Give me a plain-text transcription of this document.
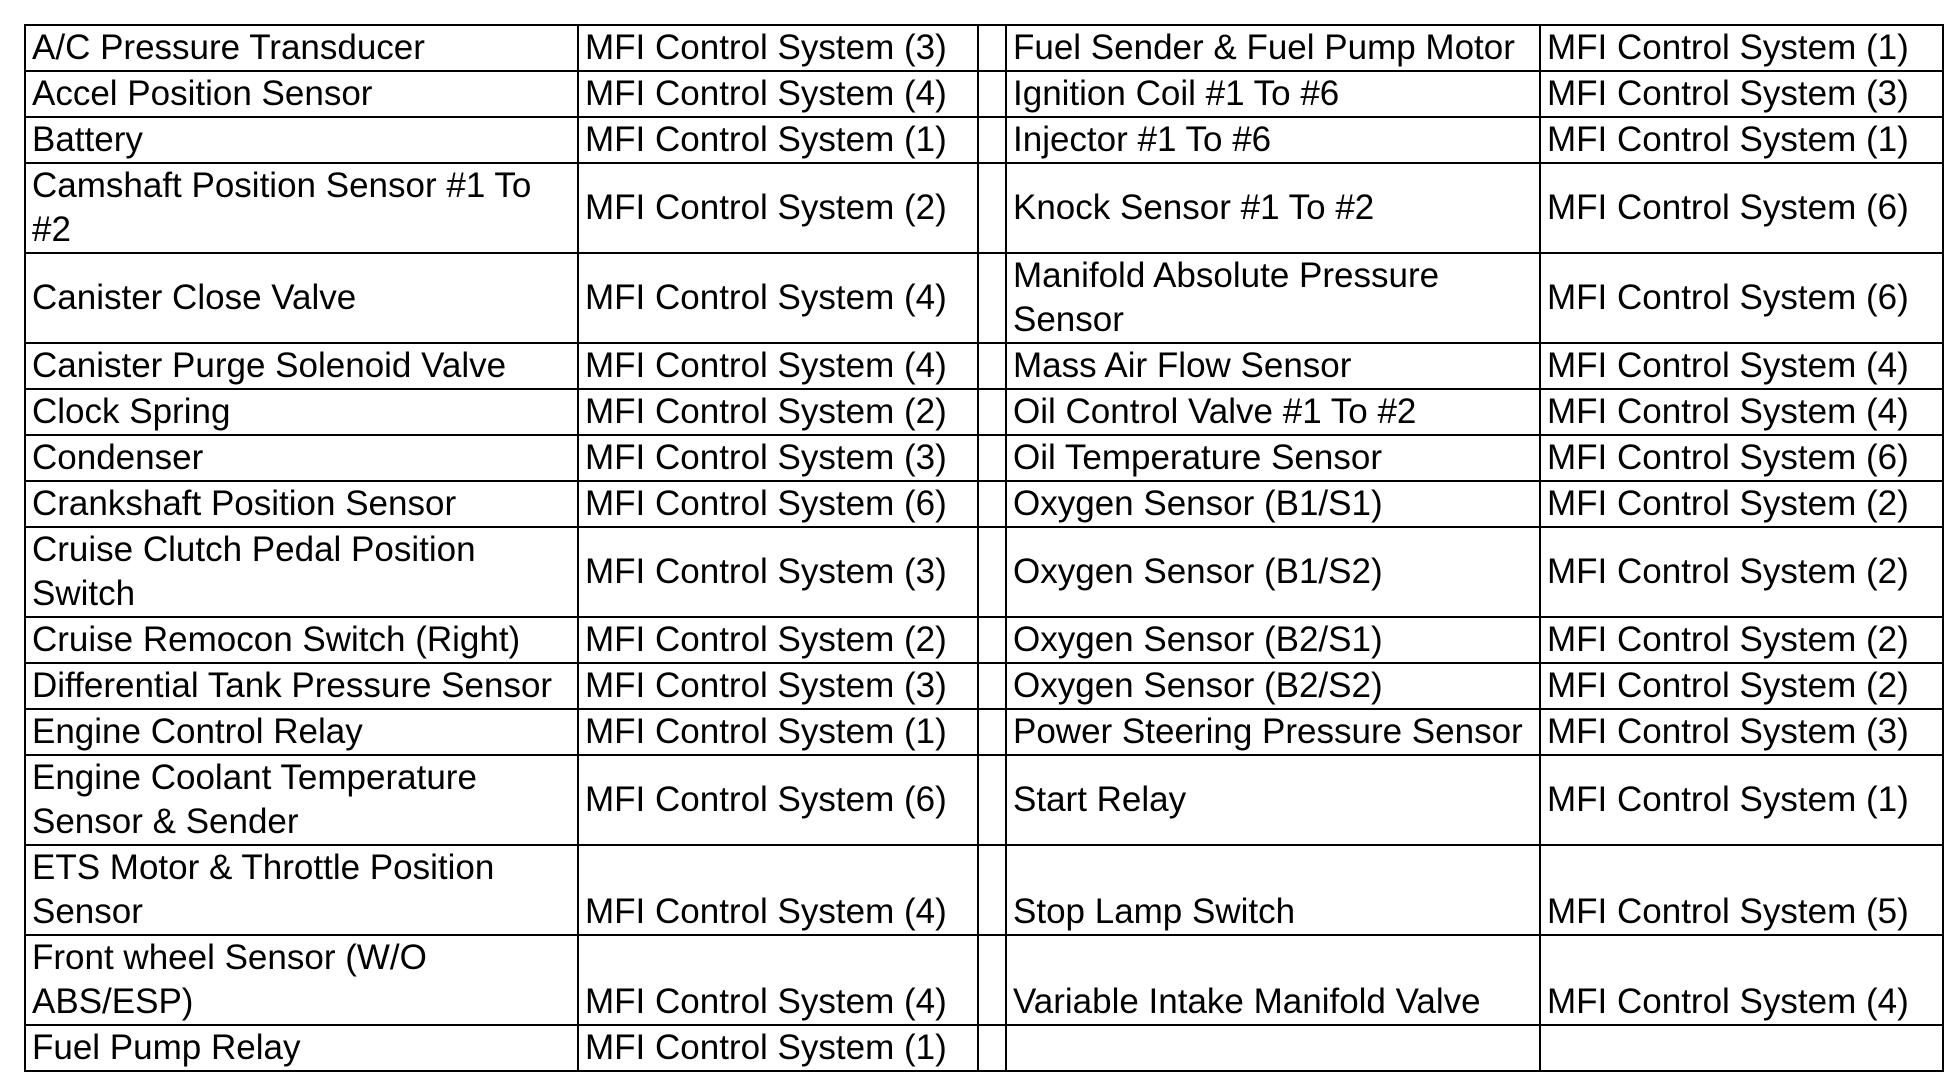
A/C Pressure Transducer	MFI Control System (3)		Fuel Sender & Fuel Pump Motor	MFI Control System (1)
Accel Position Sensor	MFI Control System (4)		Ignition Coil #1 To #6	MFI Control System (3)
Battery	MFI Control System (1)		Injector #1 To #6	MFI Control System (1)
Camshaft Position Sensor #1 To #2	MFI Control System (2)		Knock Sensor #1 To #2	MFI Control System (6)
Canister Close Valve	MFI Control System (4)		Manifold Absolute Pressure Sensor	MFI Control System (6)
Canister Purge Solenoid Valve	MFI Control System (4)		Mass Air Flow Sensor	MFI Control System (4)
Clock Spring	MFI Control System (2)		Oil Control Valve #1 To #2	MFI Control System (4)
Condenser	MFI Control System (3)		Oil Temperature Sensor	MFI Control System (6)
Crankshaft Position Sensor	MFI Control System (6)		Oxygen Sensor (B1/S1)	MFI Control System (2)
Cruise Clutch Pedal Position Switch	MFI Control System (3)		Oxygen Sensor (B1/S2)	MFI Control System (2)
Cruise Remocon Switch (Right)	MFI Control System (2)		Oxygen Sensor (B2/S1)	MFI Control System (2)
Differential Tank Pressure Sensor	MFI Control System (3)		Oxygen Sensor (B2/S2)	MFI Control System (2)
Engine Control Relay	MFI Control System (1)		Power Steering Pressure Sensor	MFI Control System (3)
Engine Coolant Temperature Sensor & Sender	MFI Control System (6)		Start Relay	MFI Control System (1)
ETS Motor & Throttle Position Sensor	MFI Control System (4)		Stop Lamp Switch	MFI Control System (5)
Front wheel Sensor (W/O ABS/ESP)	MFI Control System (4)		Variable Intake Manifold Valve	MFI Control System (4)
Fuel Pump Relay	MFI Control System (1)			
